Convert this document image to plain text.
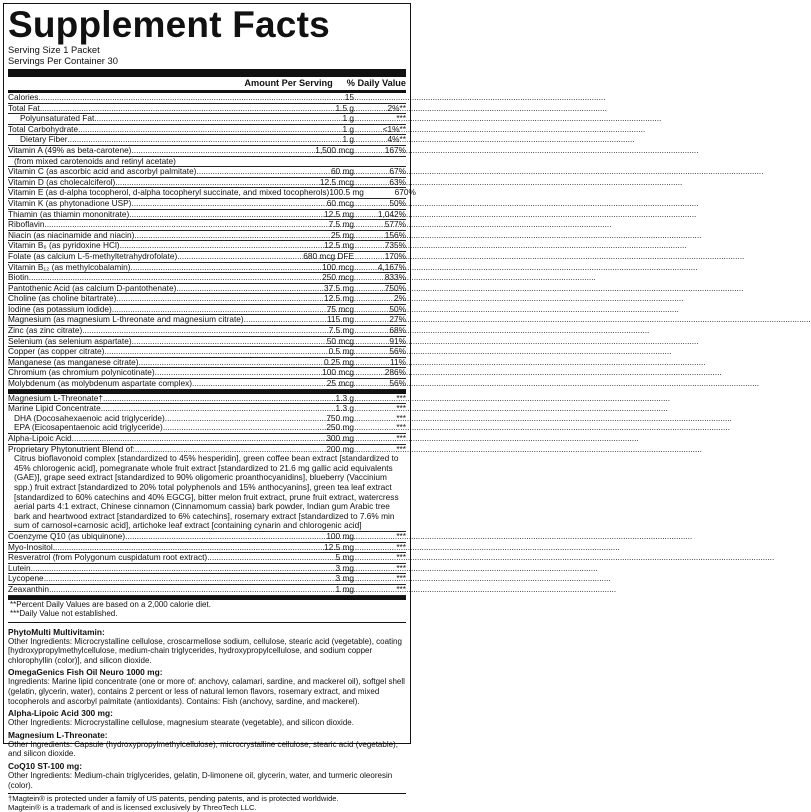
Supplement Facts
Serving Size 1 Packet
Servings Per Container 30
Amount Per Serving % Daily Value
Calories .....	15
Total Fat .....	1.5 g	2%**
Polyunsaturated Fat .....	1 g	***
Total Carbohydrate .....	1 g	<1%**
Dietary Fiber .....	1 g	4%**
Vitamin A (49% as beta-carotene) .....	1,500 mcg	167%
(from mixed carotenoids and retinyl acetate)
Vitamin C (as ascorbic acid and ascorbyl palmitate) .....	60 mg	67%
Vitamin D (as cholecalciferol) .....	12.5 mcg	63%
Vitamin E (as d-alpha tocopherol, d-alpha tocopheryl succinate, and mixed tocopherols) 100.5 mg	670%
Vitamin K (as phytonadione USP) .....	60 mcg	50%
Thiamin (as thiamin mononitrate) .....	12.5 mg	1,042%
Riboflavin .....	7.5 mg	577%
Niacin (as niacinamide and niacin) .....	25 mg	156%
Vitamin B₆ (as pyridoxine HCl) .....	12.5 mg	735%
Folate (as calcium L-5-methyltetrahydrofolate) .....	680 mcg DFE	170%
Vitamin B₁₂ (as methylcobalamin) .....	100 mcg	4,167%
Biotin .....	250 mcg	833%
Pantothenic Acid (as calcium D-pantothenate) .....	37.5 mg	750%
Choline (as choline bitartrate) .....	12.5 mg	2%
Iodine (as potassium iodide) .....	75 mcg	50%
Magnesium (as magnesium L-threonate and magnesium citrate) .....	115 mg	27%
Zinc (as zinc citrate) .....	7.5 mg	68%
Selenium (as selenium aspartate) .....	50 mcg	91%
Copper (as copper citrate) .....	0.5 mg	56%
Manganese (as manganese citrate) .....	0.25 mg	11%
Chromium (as chromium polynicotinate) .....	100 mcg	286%
Molybdenum (as molybdenum aspartate complex) .....	25 mcg	56%
Magnesium L-Threonate† .....	1.3 g	***
Marine Lipid Concentrate .....	1.3 g	***
DHA (Docosahexaenoic acid triglyceride) .....	750 mg	***
EPA (Eicosapentaenoic acid triglyceride) .....	250 mg	***
Alpha-Lipoic Acid .....	300 mg	***
Proprietary Phytonutrient Blend of: .....	200 mg	***
Citrus bioflavonoid complex [standardized to 45% hesperidin], green coffee bean extract [standardized to 45% chlorogenic acid], pomegranate whole fruit extract [standardized to 21.6 mg gallic acid equivalents (GAE)], grape seed extract [standardized to 90% oligomeric proanthocyanidins], blueberry (Vaccinium spp.) fruit extract [standardized to 20% total polyphenols and 15% anthocyanins], green tea leaf extract [standardized to 60% catechins and 40% EGCG], bitter melon fruit extract, prune fruit extract, watercress aerial parts 4:1 extract, Chinese cinnamon (Cinnamomum cassia) bark powder, Indian gum Arabic tree bark and heartwood extract [standardized to 6% catechins], rosemary extract [standardized to 7.6% min sum of carnosol+carnosic acid], artichoke leaf extract [containing cynarin and chlorogenic acid]
Coenzyme Q10 (as ubiquinone) .....	100 mg	***
Myo-Inositol .....	12.5 mg	***
Resveratrol (from Polygonum cuspidatum root extract) .....	5 mg	***
Lutein .....	3 mg	***
Lycopene .....	3 mg	***
Zeaxanthin .....	1 mg	***
**Percent Daily Values are based on a 2,000 calorie diet.
***Daily Value not established.
PhytoMulti Multivitamin:
Other Ingredients: Microcrystalline cellulose, croscarmellose sodium, cellulose, stearic acid (vegetable), coating [hydroxypropylmethylcellulose, medium-chain triglycerides, hydroxypropylcellulose, and sodium copper chlorophyllin (color)], and silicon dioxide.
OmegaGenics Fish Oil Neuro 1000 mg:
Ingredients: Marine lipid concentrate (one or more of: anchovy, calamari, sardine, and mackerel oil), softgel shell (gelatin, glycerin, water), contains 2 percent or less of natural lemon flavors, rosemary extract, and mixed tocopherols and ascorbyl palmitate (antioxidants). Contains: Fish (anchovy, sardine, and mackerel).
Alpha-Lipoic Acid 300 mg:
Other Ingredients: Microcrystalline cellulose, magnesium stearate (vegetable), and silicon dioxide.
Magnesium L-Threonate:
Other Ingredients: Capsule (hydroxypropylmethylcellulose), microcrystalline cellulose, stearic acid (vegetable), and silicon dioxide.
CoQ10 ST-100 mg:
Other Ingredients: Medium-chain triglycerides, gelatin, D-limonene oil, glycerin, water, and turmeric oleoresin (color).
†Magtein® is protected under a family of US patents, pending patents, and is protected worldwide.
Magtein® is a trademark of and is licensed exclusively by ThreoTech LLC.
